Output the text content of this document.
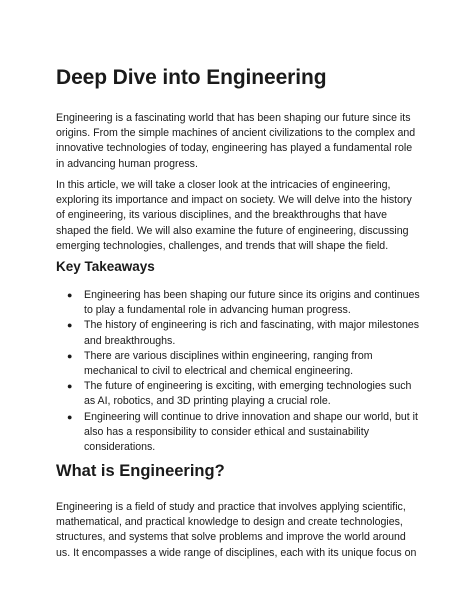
Deep Dive into Engineering

Engineering is a fascinating world that has been shaping our future since its origins. From the simple machines of ancient civilizations to the complex and innovative technologies of today, engineering has played a fundamental role in advancing human progress.

In this article, we will take a closer look at the intricacies of engineering, exploring its importance and impact on society. We will delve into the history of engineering, its various disciplines, and the breakthroughs that have shaped the field. We will also examine the future of engineering, discussing emerging technologies, challenges, and trends that will shape the field.

Key Takeaways
● Engineering has been shaping our future since its origins and continues to play a fundamental role in advancing human progress.
● The history of engineering is rich and fascinating, with major milestones and breakthroughs.
● There are various disciplines within engineering, ranging from mechanical to civil to electrical and chemical engineering.
● The future of engineering is exciting, with emerging technologies such as AI, robotics, and 3D printing playing a crucial role.
● Engineering will continue to drive innovation and shape our world, but it also has a responsibility to consider ethical and sustainability considerations.
What is Engineering?

Engineering is a field of study and practice that involves applying scientific, mathematical, and practical knowledge to design and create technologies, structures, and systems that solve problems and improve the world around us. It encompasses a wide range of disciplines, each with its unique focus on
